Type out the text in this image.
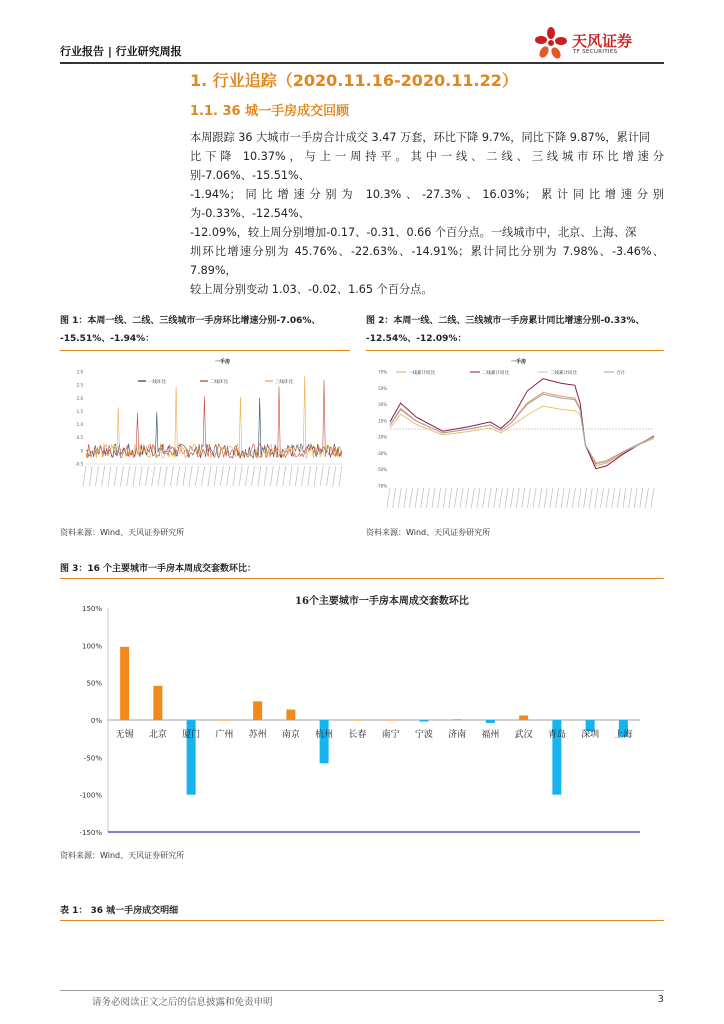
行业报告 | 行业研究周报
天风证券
TF SECURITIES
1. 行业追踪（2020.11.16-2020.11.22）
1.1. 36 城一手房成交回顾
本周跟踪 36 大城市一手房合计成交 3.47 万套，环比下降 9.7%，同比下降 9.87%，累计同
比下降 10.37%，与上一周持平。其中一线、二线、三线城市环比增速分别-7.06%、-15.51%、
-1.94%；同比增速分别为 10.3%、-27.3%、16.03%；累计同比增速分别为-0.33%、-12.54%、
-12.09%，较上周分别增加-0.17、-0.31、0.66 个百分点。一线城市中，北京、上海、深
圳环比增速分别为 45.76%、-22.63%、-14.91%；累计同比分别为 7.98%、-3.46%、7.89%，
较上周分别变动 1.03、-0.02、1.65 个百分点。
图 1：本周一线、二线、三线城市一手房环比增速分别-7.06%、
-15.51%、-1.94%：
图 2：本周一线、二线、三线城市一手房累计同比增速分别-0.33%、
-12.54%、-12.09%：
一手房
一线环比	二线环比	三线环比
3.0
2.5
2.0
1.5
1.0
0.5
0
-0.5
一手房
一线累计同比	二线累计同比	三线累计同比	合计
70%
50%
30%
10%
-10%
-30%
-50%
-70%
资料来源：Wind、天风证券研究所	资料来源：Wind、天风证券研究所
图 3：16 个主要城市一手房本周成交套数环比：
16个主要城市一手房本周成交套数环比
150%
100%
50%
0%
-50%
-100%
-150%
无锡 北京 厦门 广州 苏州 南京 杭州 长春 南宁 宁波 济南 福州 武汉 青岛 深圳 上海
资料来源：Wind、天风证券研究所
表 1： 36 城一手房成交明细
请务必阅读正文之后的信息披露和免责申明	3
